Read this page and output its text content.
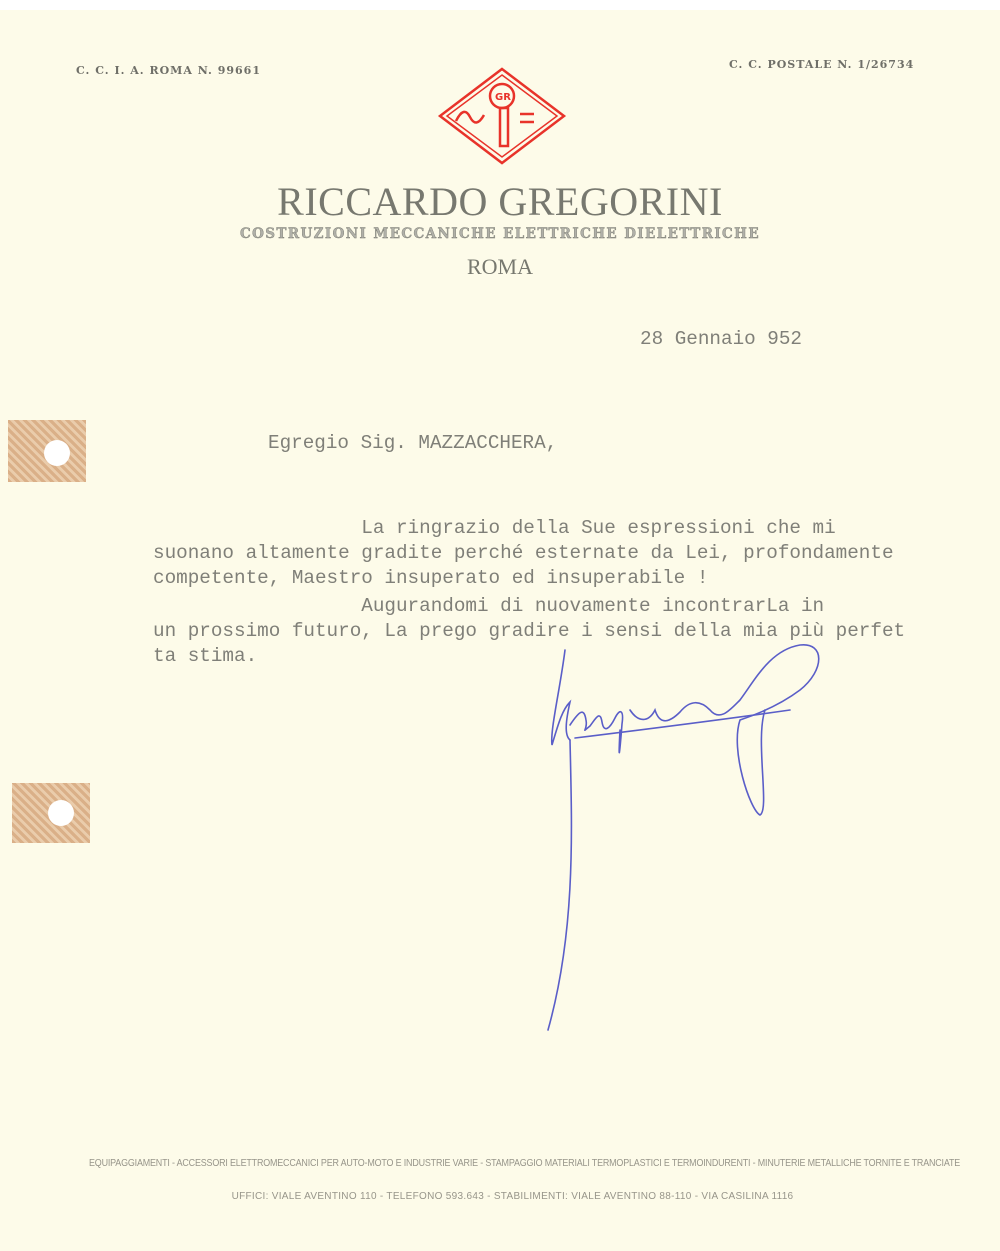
C. C. I. A. ROMA N. 99661	C. C. POSTALE N. 1/26734
GR
RICCARDO GREGORINI
COSTRUZIONI MECCANICHE ELETTRICHE DIELETTRICHE
ROMA
28 Gennaio 952
Egregio Sig. MAZZACCHERA,
La ringrazio della Sue espressioni che mi
suonano altamente gradite perché esternate da Lei, profondamente
competente, Maestro insuperato ed insuperabile !
Augurandomi di nuovamente incontrarLa in
un prossimo futuro, La prego gradire i sensi della mia più perfet
ta stima.
EQUIPAGGIAMENTI - ACCESSORI ELETTROMECCANICI PER AUTO-MOTO E INDUSTRIE VARIE - STAMPAGGIO MATERIALI TERMOPLASTICI E TERMOINDURENTI - MINUTERIE METALLICHE TORNITE E TRANCIATE
UFFICI: VIALE AVENTINO 110 - TELEFONO 593.643 - STABILIMENTI: VIALE AVENTINO 88-110 - VIA CASILINA 1116
